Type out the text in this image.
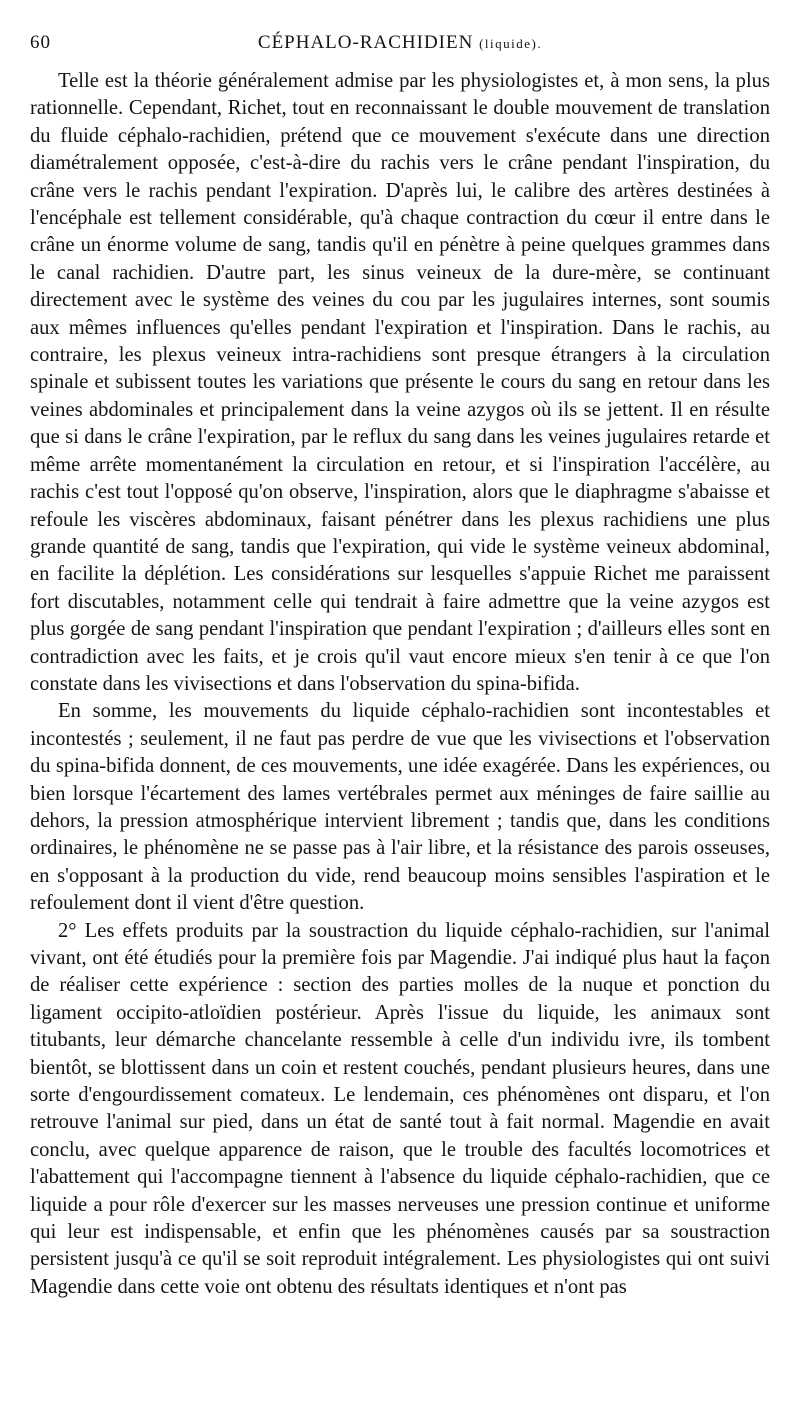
60	CÉPHALO-RACHIDIEN (liquide).

Telle est la théorie généralement admise par les physiologistes et, à mon sens, la plus rationnelle. Cependant, Richet, tout en reconnaissant le double mouvement de translation du fluide céphalo-rachidien, prétend que ce mouvement s'exécute dans une direction diamétralement opposée, c'est-à-dire du rachis vers le crâne pendant l'inspiration, du crâne vers le rachis pendant l'expiration. D'après lui, le calibre des artères destinées à l'encéphale est tellement considérable, qu'à chaque contraction du cœur il entre dans le crâne un énorme volume de sang, tandis qu'il en pénètre à peine quelques grammes dans le canal rachidien. D'autre part, les sinus veineux de la dure-mère, se continuant directement avec le système des veines du cou par les jugulaires internes, sont soumis aux mêmes influences qu'elles pendant l'expiration et l'inspiration. Dans le rachis, au contraire, les plexus veineux intra-rachidiens sont presque étrangers à la circulation spinale et subissent toutes les variations que présente le cours du sang en retour dans les veines abdominales et principalement dans la veine azygos où ils se jettent. Il en résulte que si dans le crâne l'expiration, par le reflux du sang dans les veines jugulaires retarde et même arrête momentanément la circulation en retour, et si l'inspiration l'accélère, au rachis c'est tout l'opposé qu'on observe, l'inspiration, alors que le diaphragme s'abaisse et refoule les viscères abdominaux, faisant pénétrer dans les plexus rachidiens une plus grande quantité de sang, tandis que l'expiration, qui vide le système veineux abdominal, en facilite la déplétion. Les considérations sur lesquelles s'appuie Richet me paraissent fort discutables, notamment celle qui tendrait à faire admettre que la veine azygos est plus gorgée de sang pendant l'inspiration que pendant l'expiration ; d'ailleurs elles sont en contradiction avec les faits, et je crois qu'il vaut encore mieux s'en tenir à ce que l'on constate dans les vivisections et dans l'observation du spina-bifida.

En somme, les mouvements du liquide céphalo-rachidien sont incontestables et incontestés ; seulement, il ne faut pas perdre de vue que les vivisections et l'observation du spina-bifida donnent, de ces mouvements, une idée exagérée. Dans les expériences, ou bien lorsque l'écartement des lames vertébrales permet aux méninges de faire saillie au dehors, la pression atmosphérique intervient librement ; tandis que, dans les conditions ordinaires, le phénomène ne se passe pas à l'air libre, et la résistance des parois osseuses, en s'opposant à la production du vide, rend beaucoup moins sensibles l'aspiration et le refoulement dont il vient d'être question.

2° Les effets produits par la soustraction du liquide céphalo-rachidien, sur l'animal vivant, ont été étudiés pour la première fois par Magendie. J'ai indiqué plus haut la façon de réaliser cette expérience : section des parties molles de la nuque et ponction du ligament occipito-atloïdien postérieur. Après l'issue du liquide, les animaux sont titubants, leur démarche chancelante ressemble à celle d'un individu ivre, ils tombent bientôt, se blottissent dans un coin et restent couchés, pendant plusieurs heures, dans une sorte d'engourdissement comateux. Le lendemain, ces phénomènes ont disparu, et l'on retrouve l'animal sur pied, dans un état de santé tout à fait normal. Magendie en avait conclu, avec quelque apparence de raison, que le trouble des facultés locomotrices et l'abattement qui l'accompagne tiennent à l'absence du liquide céphalo-rachidien, que ce liquide a pour rôle d'exercer sur les masses nerveuses une pression continue et uniforme qui leur est indispensable, et enfin que les phénomènes causés par sa soustraction persistent jusqu'à ce qu'il se soit reproduit intégralement. Les physiologistes qui ont suivi Magendie dans cette voie ont obtenu des résultats identiques et n'ont pas
